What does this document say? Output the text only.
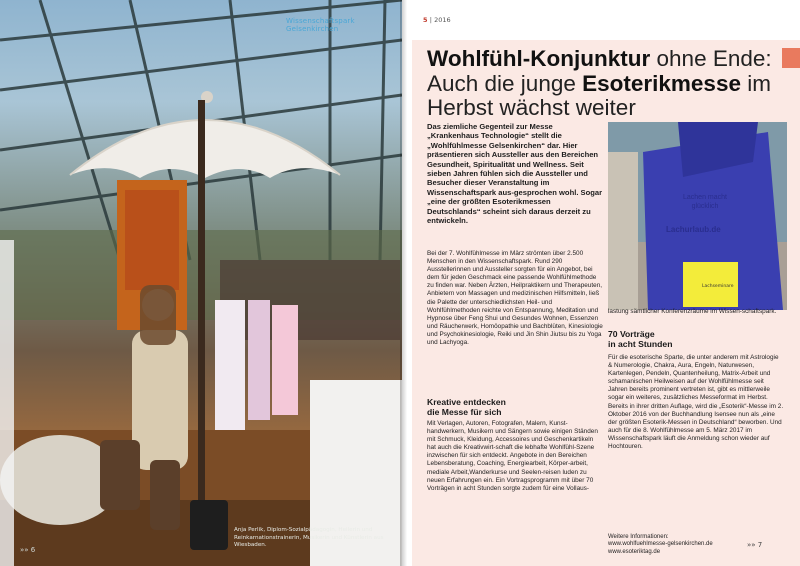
Wissenschaftspark Gelsenkirchen
Anja Perlik, Diplom-Sozialpädagogin, Heilerin und Reinkarnationstrainerin, Musikerin und Künstlerin aus Wiesbaden.
»» 6
5 | 2016
Wohlfühl-Konjunktur ohne Ende:
Auch die junge Esoterikmesse im
Herbst wächst weiter
Das ziemliche Gegenteil zur Messe „Krankenhaus Technologie“ stellt die „Wohlfühlmesse Gelsenkirchen“ dar. Hier präsentieren sich Aussteller aus den Bereichen Gesundheit, Spiritualität und Wellness. Seit sieben Jahren fühlen sich die Aussteller und Besucher dieser Veranstaltung im Wissenschaftspark aus-gesprochen wohl. Sogar „eine der größten Esoterikmessen Deutschlands“ scheint sich daraus derzeit zu entwickeln.
Bei der 7. Wohlfühlmesse im März strömten über 2.500 Menschen in den Wissenschaftspark. Rund 290 Ausstellerinnen und Aussteller sorgten für ein Angebot, bei dem für jeden Geschmack eine passende Wohlfühlmethode zu finden war. Neben Ärzten, Heilpraktikern und Therapeuten, Anbietern von Massagen und medizinischen Hilfsmitteln, ließ die Palette der unterschiedlichsten Heil- und Wohlfühlmethoden reichte von Entspannung, Meditation und Hypnose über Feng Shui und Gesundes Wohnen, Essenzen und Räucherwerk, Homöopathie und Bachblüten, Kinesiologie und Psychokinesiologie, Reiki und Jin Shin Jiutsu bis zu Yoga und Lachyoga.
Kreative entdecken
die Messe für sich
Mit Verlagen, Autoren, Fotografen, Malern, Kunst-handwerkern, Musikern und Sängern sowie einigen Ständen mit Schmuck, Kleidung, Accessoires und Geschenkartikeln hat auch die Kreativwirt-schaft die lebhafte Wohlfühl-Szene inzwischen für sich entdeckt. Angebote in den Bereichen Lebensberatung, Coaching, Energiearbeit, Körper-arbeit, mediale Arbeit,Wanderkurse und Seelen-reisen luden zu neuen Erfahrungen ein. Ein Vortragsprogramm mit über 70 Vorträgen in acht Stunden sorgte zudem für eine Vollaus-
Lachen macht
glücklich
Lachurlaub.de
Lachseminare
lastung sämtlicher Konferenzräume im Wissen-schaftspark.
70 Vorträge
in acht Stunden
Für die esoterische Sparte, die unter anderem mit Astrologie & Numerologie, Chakra, Aura, Engeln, Naturwesen, Kartenlegen, Pendeln, Quantenheilung, Matrix-Arbeit und schamanischen Heilweisen auf der Wohlfühlmesse seit Jahren bereits prominent vertreten ist, gibt es mittlerweile sogar ein weiteres, zusätzliches Messeformat im Herbst. Bereits in ihrer dritten Auflage, wird die „Esoterik“-Messe im 2. Oktober 2016 von der Buchhandlung Isensee nun als „eine der größten Esoterik-Messen in Deutschland“ beworben. Und auch für die 8. Wohlfühlmesse am 5. März 2017 im Wissenschaftspark läuft die Anmeldung schon wieder auf Hochtouren.
Weitere Informationen:
www.wohlfuehlmesse-gelsenkirchen.de
www.esoteriktag.de
»» 7
